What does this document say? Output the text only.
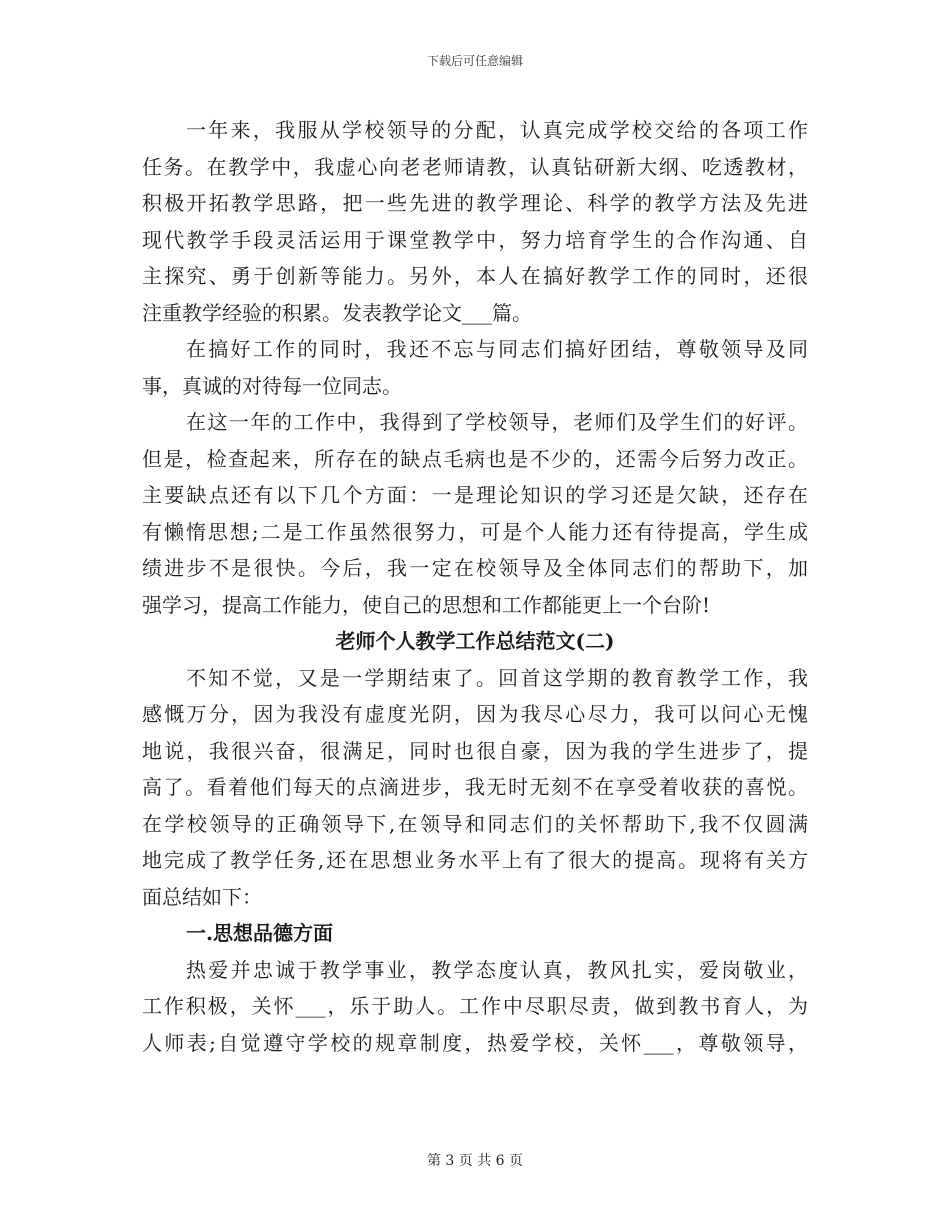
下载后可任意编辑
一年来，我服从学校领导的分配，认真完成学校交给的各项工作
任务。在教学中，我虚心向老老师请教，认真钻研新大纲、吃透教材，
积极开拓教学思路，把一些先进的教学理论、科学的教学方法及先进
现代教学手段灵活运用于课堂教学中，努力培育学生的合作沟通、自
主探究、勇于创新等能力。另外，本人在搞好教学工作的同时，还很
注重教学经验的积累。发表教学论文___篇。
在搞好工作的同时，我还不忘与同志们搞好团结，尊敬领导及同
事，真诚的对待每一位同志。
在这一年的工作中，我得到了学校领导，老师们及学生们的好评。
但是，检查起来，所存在的缺点毛病也是不少的，还需今后努力改正。
主要缺点还有以下几个方面：一是理论知识的学习还是欠缺，还存在
有懒惰思想;二是工作虽然很努力，可是个人能力还有待提高，学生成
绩进步不是很快。今后，我一定在校领导及全体同志们的帮助下，加
强学习，提高工作能力，使自己的思想和工作都能更上一个台阶!
老师个人教学工作总结范文(二)
不知不觉，又是一学期结束了。回首这学期的教育教学工作，我
感慨万分，因为我没有虚度光阴，因为我尽心尽力，我可以问心无愧
地说，我很兴奋，很满足，同时也很自豪，因为我的学生进步了，提
高了。看着他们每天的点滴进步，我无时无刻不在享受着收获的喜悦。
在学校领导的正确领导下,在领导和同志们的关怀帮助下,我不仅圆满
地完成了教学任务,还在思想业务水平上有了很大的提高。现将有关方
面总结如下：
一.思想品德方面
热爱并忠诚于教学事业，教学态度认真，教风扎实，爱岗敬业，
工作积极，关怀___，乐于助人。工作中尽职尽责，做到教书育人，为
人师表;自觉遵守学校的规章制度，热爱学校，关怀___，尊敬领导，
第 3 页 共 6 页
